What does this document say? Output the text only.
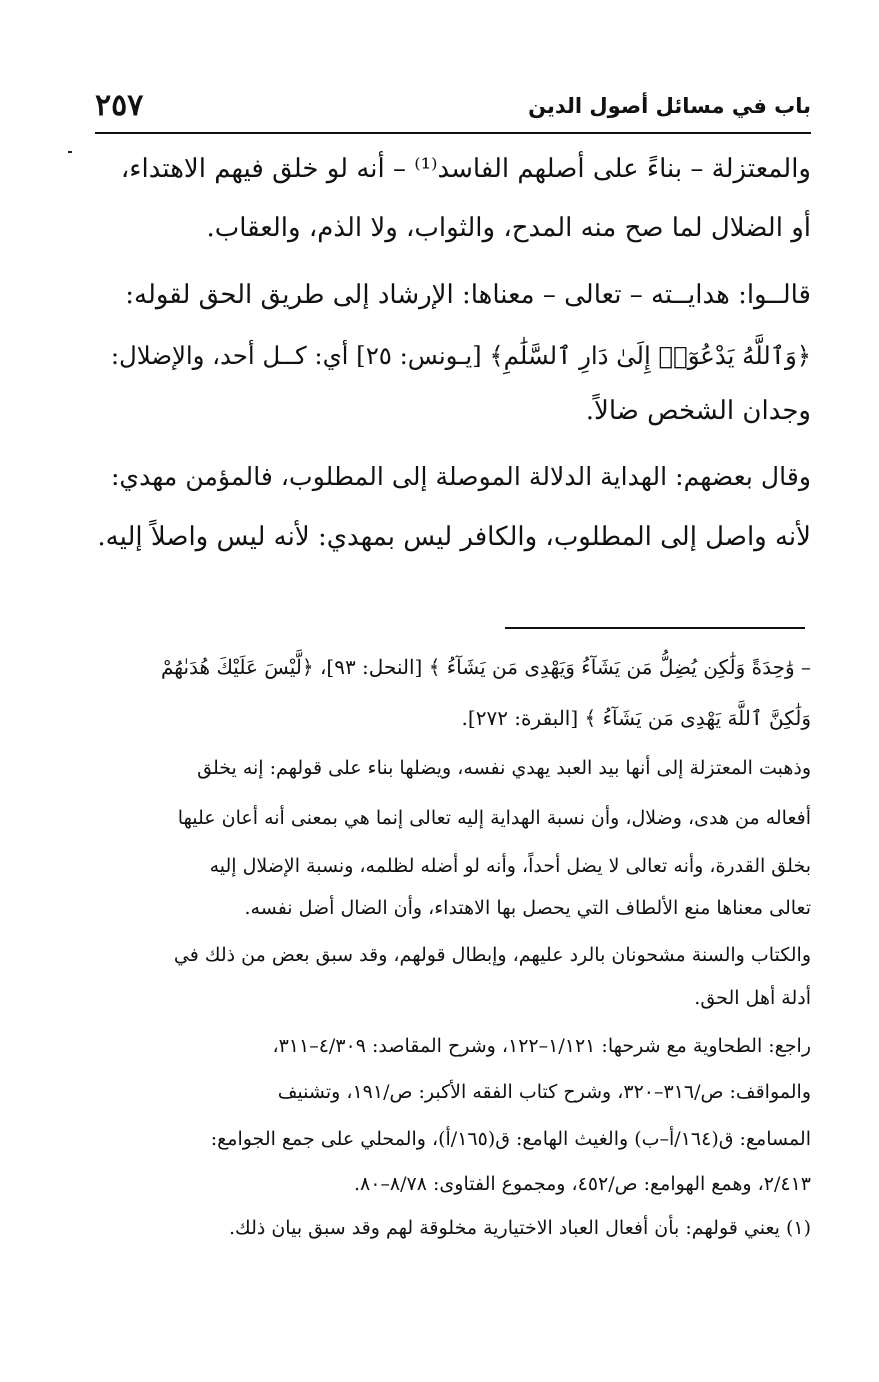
باب في مسائل أصول الدين
٢٥٧
والمعتزلة – بناءً على أصلهم الفاسد⁽¹⁾ – أنه لو خلق فيهم الاهتداء،
أو الضلال لما صح منه المدح، والثواب، ولا الذم، والعقاب.
قالــوا: هدايــته – تعالى – معناها: الإرشاد إلى طريق الحق لقوله:
﴿وَٱللَّهُ يَدْعُوٓا۟ إِلَىٰ دَارِ ٱلسَّلَٰمِ﴾ [يـونس: ٢٥] أي: كــل أحد، والإضلال:
وجدان الشخص ضالاً.
وقال بعضهم: الهداية الدلالة الموصلة إلى المطلوب، فالمؤمن مهدي:
لأنه واصل إلى المطلوب، والكافر ليس بمهدي: لأنه ليس واصلاً إليه.
– وَٰحِدَةً وَلَٰكِن يُضِلُّ مَن يَشَآءُ وَيَهْدِى مَن يَشَآءُ ﴾ [النحل: ٩٣]، ﴿لَّيْسَ عَلَيْكَ هُدَىٰهُمْ
وَلَٰكِنَّ ٱللَّهَ يَهْدِى مَن يَشَآءُ ﴾ [البقرة: ٢٧٢].
وذهبت المعتزلة إلى أنها بيد العبد يهدي نفسه، ويضلها بناء على قولهم: إنه يخلق
أفعاله من هدى، وضلال، وأن نسبة الهداية إليه تعالى إنما هي بمعنى أنه أعان عليها
بخلق القدرة، وأنه تعالى لا يضل أحداً، وأنه لو أضله لظلمه، ونسبة الإضلال إليه
تعالى معناها منع الألطاف التي يحصل بها الاهتداء، وأن الضال أضل نفسه.
والكتاب والسنة مشحونان بالرد عليهم، وإبطال قولهم، وقد سبق بعض من ذلك في
أدلة أهل الحق.
راجع: الطحاوية مع شرحها: ١/١٢١–١٢٢، وشرح المقاصد: ٤/٣٠٩–٣١١،
والمواقف: ص/٣١٦–٣٢٠، وشرح كتاب الفقه الأكبر: ص/١٩١، وتشنيف
المسامع: ق(١٦٤/أ–ب) والغيث الهامع: ق(١٦٥/أ)، والمحلي على جمع الجوامع:
٢/٤١٣، وهمع الهوامع: ص/٤٥٢، ومجموع الفتاوى: ٨/٧٨–٨٠.
(١) يعني قولهم: بأن أفعال العباد الاختيارية مخلوقة لهم وقد سبق بيان ذلك.
